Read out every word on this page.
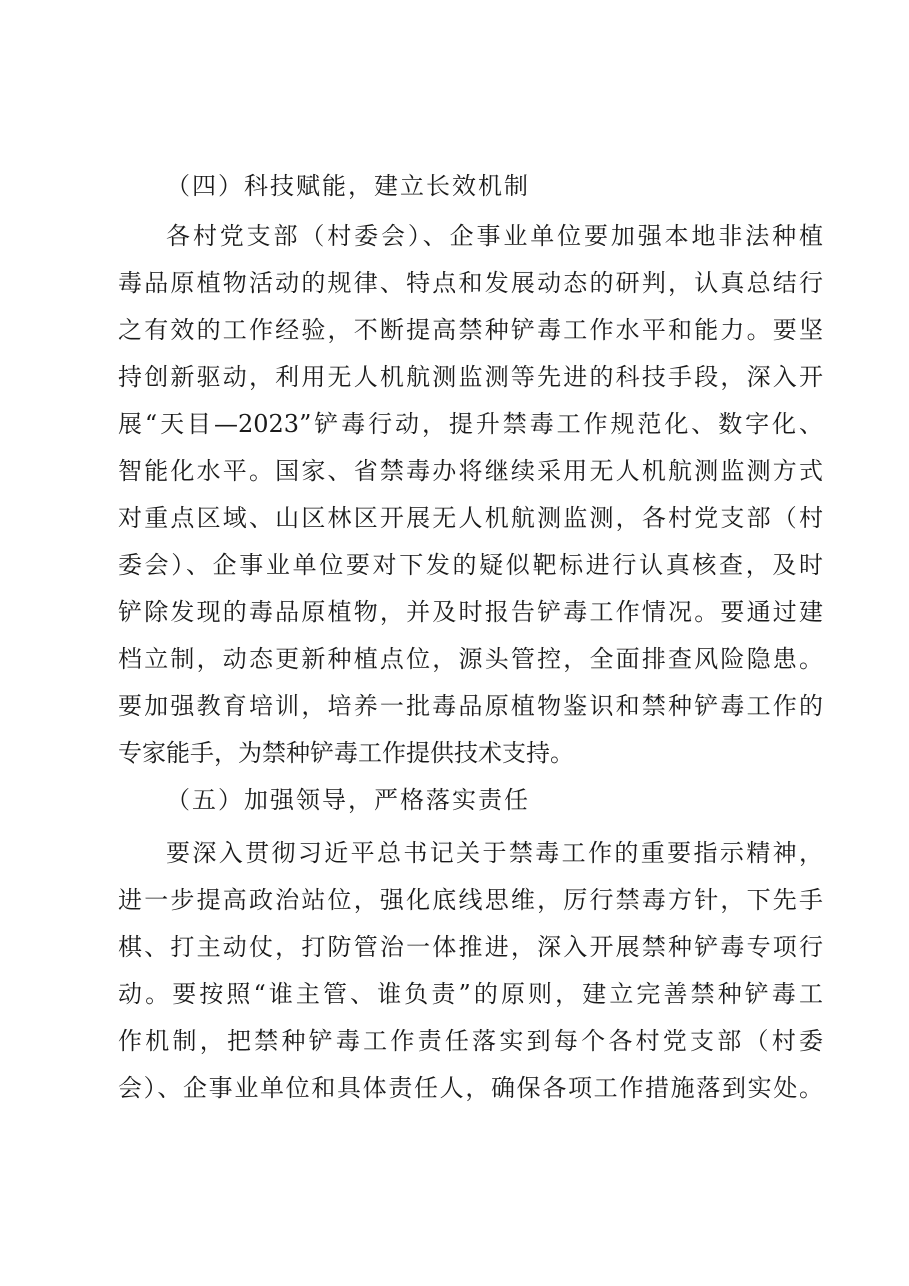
（四）科技赋能，建立长效机制
各村党支部（村委会）、企事业单位要加强本地非法种植
毒品原植物活动的规律、特点和发展动态的研判，认真总结行
之有效的工作经验，不断提高禁种铲毒工作水平和能力。要坚
持创新驱动，利用无人机航测监测等先进的科技手段，深入开
展“天目—2023”铲毒行动，提升禁毒工作规范化、数字化、
智能化水平。国家、省禁毒办将继续采用无人机航测监测方式
对重点区域、山区林区开展无人机航测监测，各村党支部（村
委会）、企事业单位要对下发的疑似靶标进行认真核查，及时
铲除发现的毒品原植物，并及时报告铲毒工作情况。要通过建
档立制，动态更新种植点位，源头管控，全面排查风险隐患。
要加强教育培训，培养一批毒品原植物鉴识和禁种铲毒工作的
专家能手，为禁种铲毒工作提供技术支持。
（五）加强领导，严格落实责任
要深入贯彻习近平总书记关于禁毒工作的重要指示精神，
进一步提高政治站位，强化底线思维，厉行禁毒方针，下先手
棋、打主动仗，打防管治一体推进，深入开展禁种铲毒专项行
动。要按照“谁主管、谁负责”的原则，建立完善禁种铲毒工
作机制，把禁种铲毒工作责任落实到每个各村党支部（村委
会）、企事业单位和具体责任人，确保各项工作措施落到实处。
